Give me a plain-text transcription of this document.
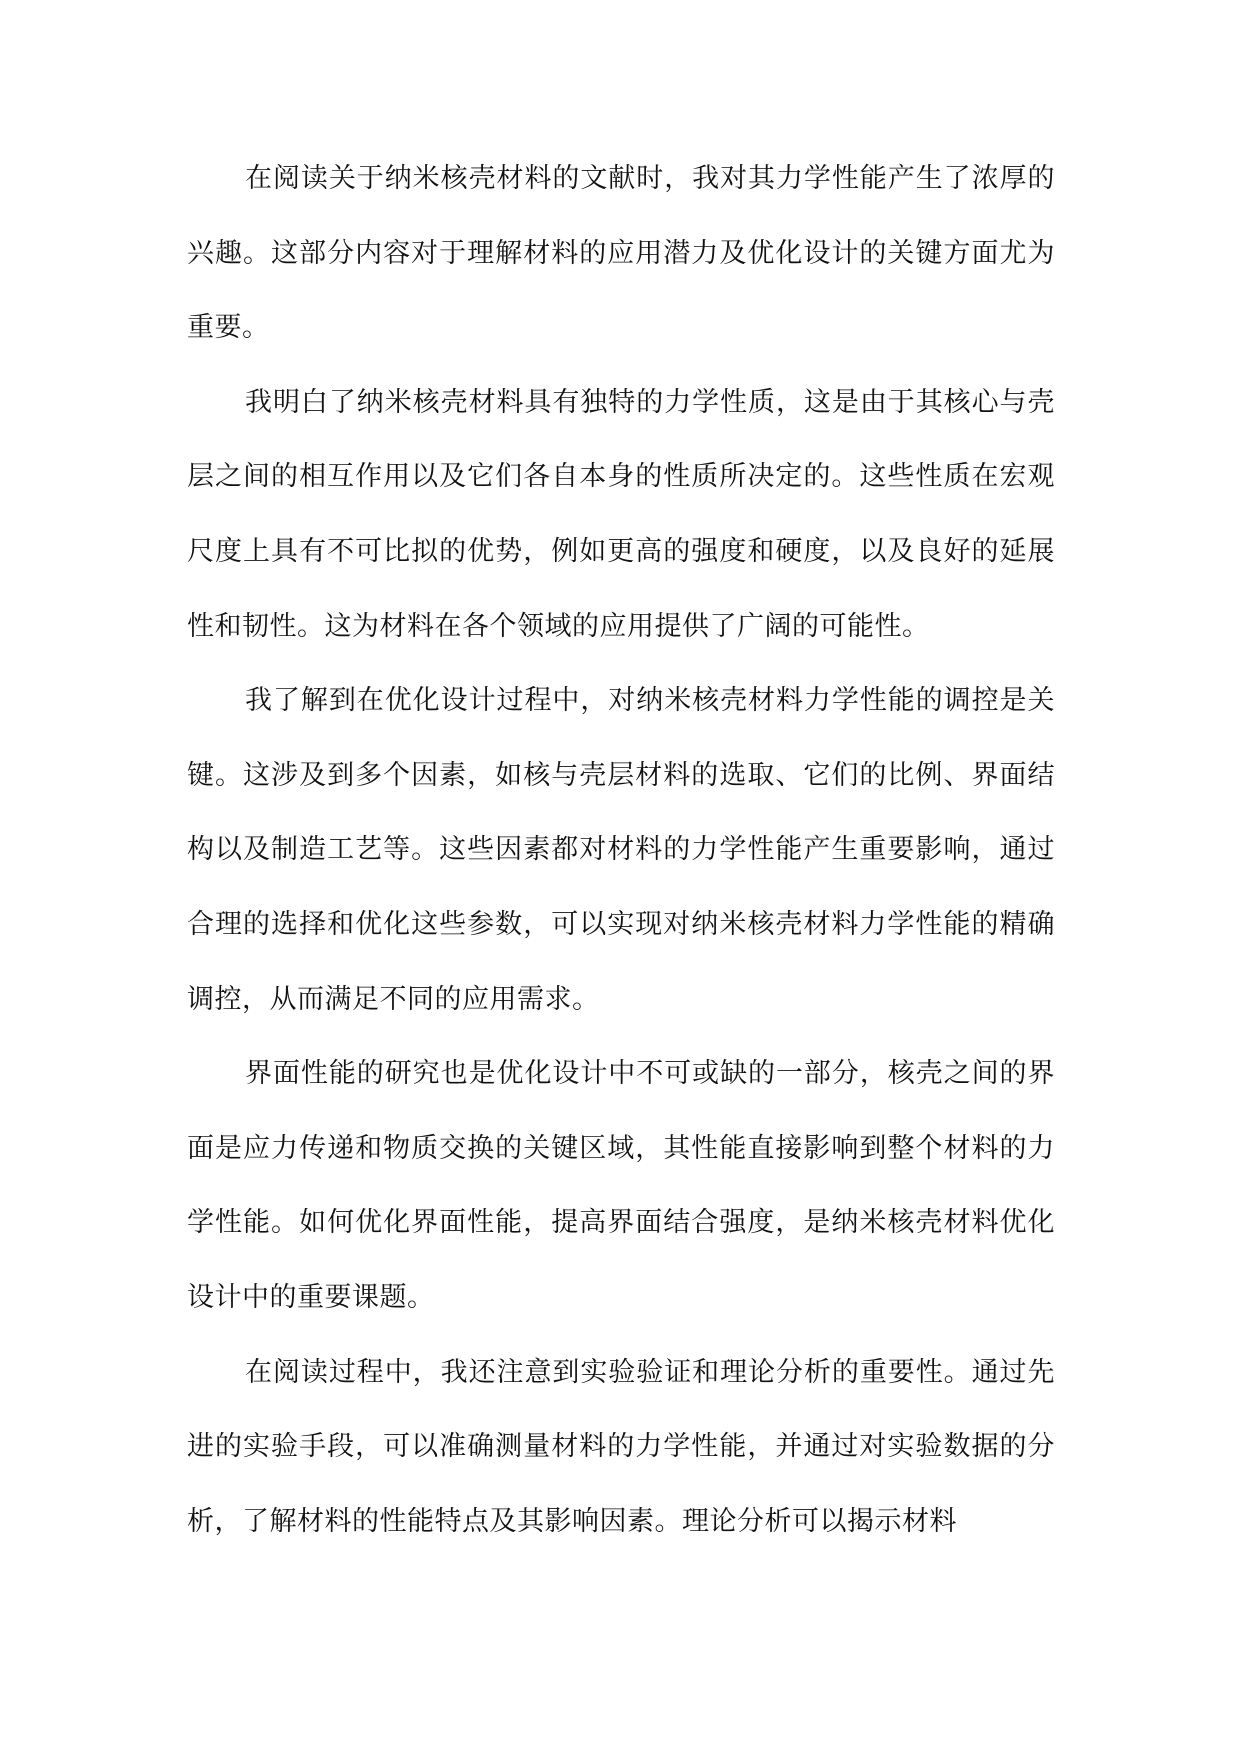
在阅读关于纳米核壳材料的文献时，我对其力学性能产生了浓厚的兴趣。这部分内容对于理解材料的应用潜力及优化设计的关键方面尤为重要。

我明白了纳米核壳材料具有独特的力学性质，这是由于其核心与壳层之间的相互作用以及它们各自本身的性质所决定的。这些性质在宏观尺度上具有不可比拟的优势，例如更高的强度和硬度，以及良好的延展性和韧性。这为材料在各个领域的应用提供了广阔的可能性。

我了解到在优化设计过程中，对纳米核壳材料力学性能的调控是关键。这涉及到多个因素，如核与壳层材料的选取、它们的比例、界面结构以及制造工艺等。这些因素都对材料的力学性能产生重要影响，通过合理的选择和优化这些参数，可以实现对纳米核壳材料力学性能的精确调控，从而满足不同的应用需求。

界面性能的研究也是优化设计中不可或缺的一部分，核壳之间的界面是应力传递和物质交换的关键区域，其性能直接影响到整个材料的力学性能。如何优化界面性能，提高界面结合强度，是纳米核壳材料优化设计中的重要课题。

在阅读过程中，我还注意到实验验证和理论分析的重要性。通过先进的实验手段，可以准确测量材料的力学性能，并通过对实验数据的分析，了解材料的性能特点及其影响因素。理论分析可以揭示材料
